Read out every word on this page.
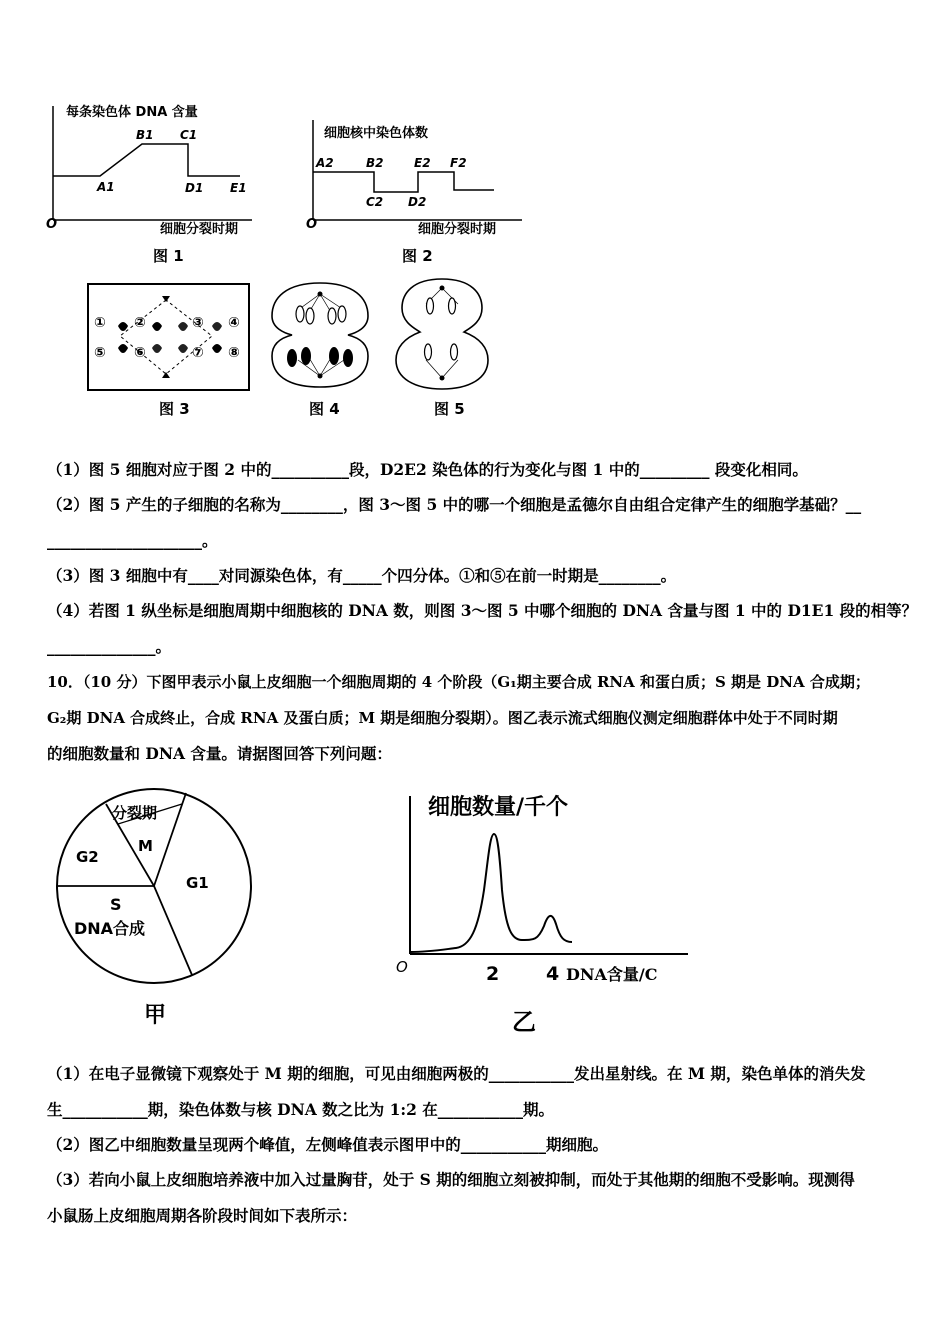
O
A1
B1 C1
D1 E1
每条染色体 DNA 含量
细胞分裂时期
图 1
O
A2	B2
C2 D2
E2 F2
细胞核中染色体数
细胞分裂时期
图 2
① ②	③ ④
⑤ ⑥	⑦ ⑧
图 3	图 4	图 5
（1）图 5 细胞对应于图 2 中的__________段，D2E2 染色体的行为变化与图 1 中的_________ 段变化相同。
（2）图 5 产生的子细胞的名称为________，图 3～图 5 中的哪一个细胞是孟德尔自由组合定律产生的细胞学基础？__
____________________。
（3）图 3 细胞中有____对同源染色体，有_____个四分体。①和⑤在前一时期是________。
（4）若图 1 纵坐标是细胞周期中细胞核的 DNA 数，则图 3～图 5 中哪个细胞的 DNA 含量与图 1 中的 D1E1 段的相等？
______________。
10．（10 分）下图甲表示小鼠上皮细胞一个细胞周期的 4 个阶段（G₁期主要合成 RNA 和蛋白质；S 期是 DNA 合成期；
G₂期 DNA 合成终止，合成 RNA 及蛋白质；M 期是细胞分裂期）。图乙表示流式细胞仪测定细胞群体中处于不同时期
的细胞数量和 DNA 含量。请据图回答下列问题：
分裂期
M
G2
S
DNA合成
G1
甲
O	2 4
细胞数量/千个
DNA含量/C
乙
（1）在电子显微镜下观察处于 M 期的细胞，可见由细胞两极的___________发出星射线。在 M 期，染色单体的消失发
生___________期，染色体数与核 DNA 数之比为 1:2 在___________期。
（2）图乙中细胞数量呈现两个峰值，左侧峰值表示图甲中的___________期细胞。
（3）若向小鼠上皮细胞培养液中加入过量胸苷，处于 S 期的细胞立刻被抑制，而处于其他期的细胞不受影响。现测得
小鼠肠上皮细胞周期各阶段时间如下表所示：
